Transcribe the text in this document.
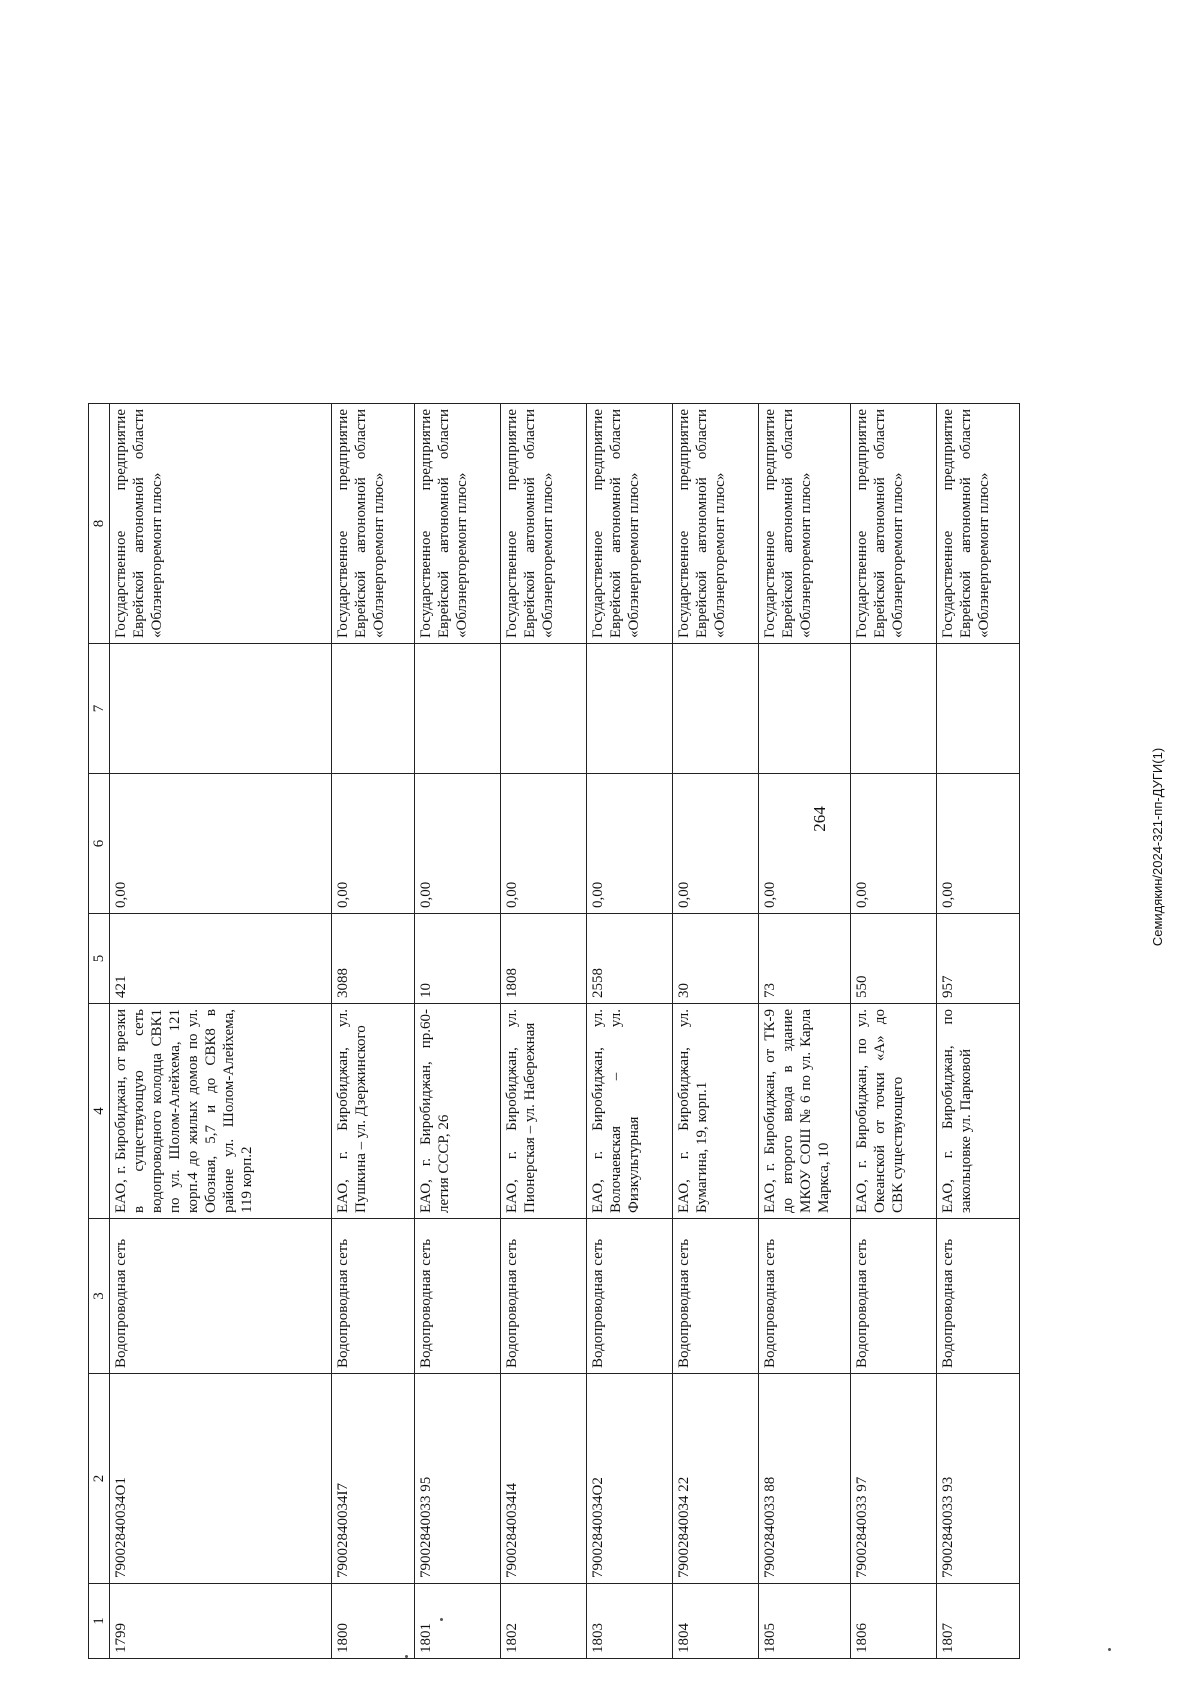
264
1	2	3	4	5	6	7	8
1799	79002840034О1	Водопроводная сеть	ЕАО, г. Биробиджан, от врезки в существующую сеть водопроводного колодца СВК1 по ул. Шолом-Алейхема, 121 корп.4 до жилых домов по ул. Обозная, 5,7 и до СВК8 в районе ул. Шолом-Алейхема, 119 корп.2	421	0,00		Государственное предприятие Еврейской автономной области «Облэнергоремонт плюс»
1800	79002840034І7	Водопроводная сеть	ЕАО, г. Биробиджан, ул. Пушкина – ул. Дзержинского	3088	0,00		Государственное предприятие Еврейской автономной области «Облэнергоремонт плюс»
1801	79002840033 95	Водопроводная сеть	ЕАО, г. Биробиджан, пр.60-летия СССР, 26	10	0,00		Государственное предприятие Еврейской автономной области «Облэнергоремонт плюс»
1802	79002840034І4	Водопроводная сеть	ЕАО, г. Биробиджан, ул. Пионерская – ул. Набережная	1808	0,00		Государственное предприятие Еврейской автономной области «Облэнергоремонт плюс»
1803	79002840034О2	Водопроводная сеть	ЕАО, г. Биробиджан, ул. Волочаевская – ул. Физкультурная	2558	0,00		Государственное предприятие Еврейской автономной области «Облэнергоремонт плюс»
1804	79002840034 22	Водопроводная сеть	ЕАО, г. Биробиджан, ул. Бумагина, 19, корп.1	30	0,00		Государственное предприятие Еврейской автономной области «Облэнергоремонт плюс»
1805	79002840033 88	Водопроводная сеть	ЕАО, г. Биробиджан, от ТК-9 до второго ввода в здание МКОУ СОШ № 6 по ул. Карла Маркса, 10	73	0,00		Государственное предприятие Еврейской автономной области «Облэнергоремонт плюс»
1806	79002840033 97	Водопроводная сеть	ЕАО, г. Биробиджан, по ул. Океанской от точки «А» до СВК существующего	550	0,00		Государственное предприятие Еврейской автономной области «Облэнергоремонт плюс»
1807	79002840033 93	Водопроводная сеть	ЕАО, г. Биробиджан, по закольцовке ул. Парковой	957	0,00		Государственное предприятие Еврейской автономной области «Облэнергоремонт плюс»
Семидякин/2024-321-пп-ДУГИ(1)
